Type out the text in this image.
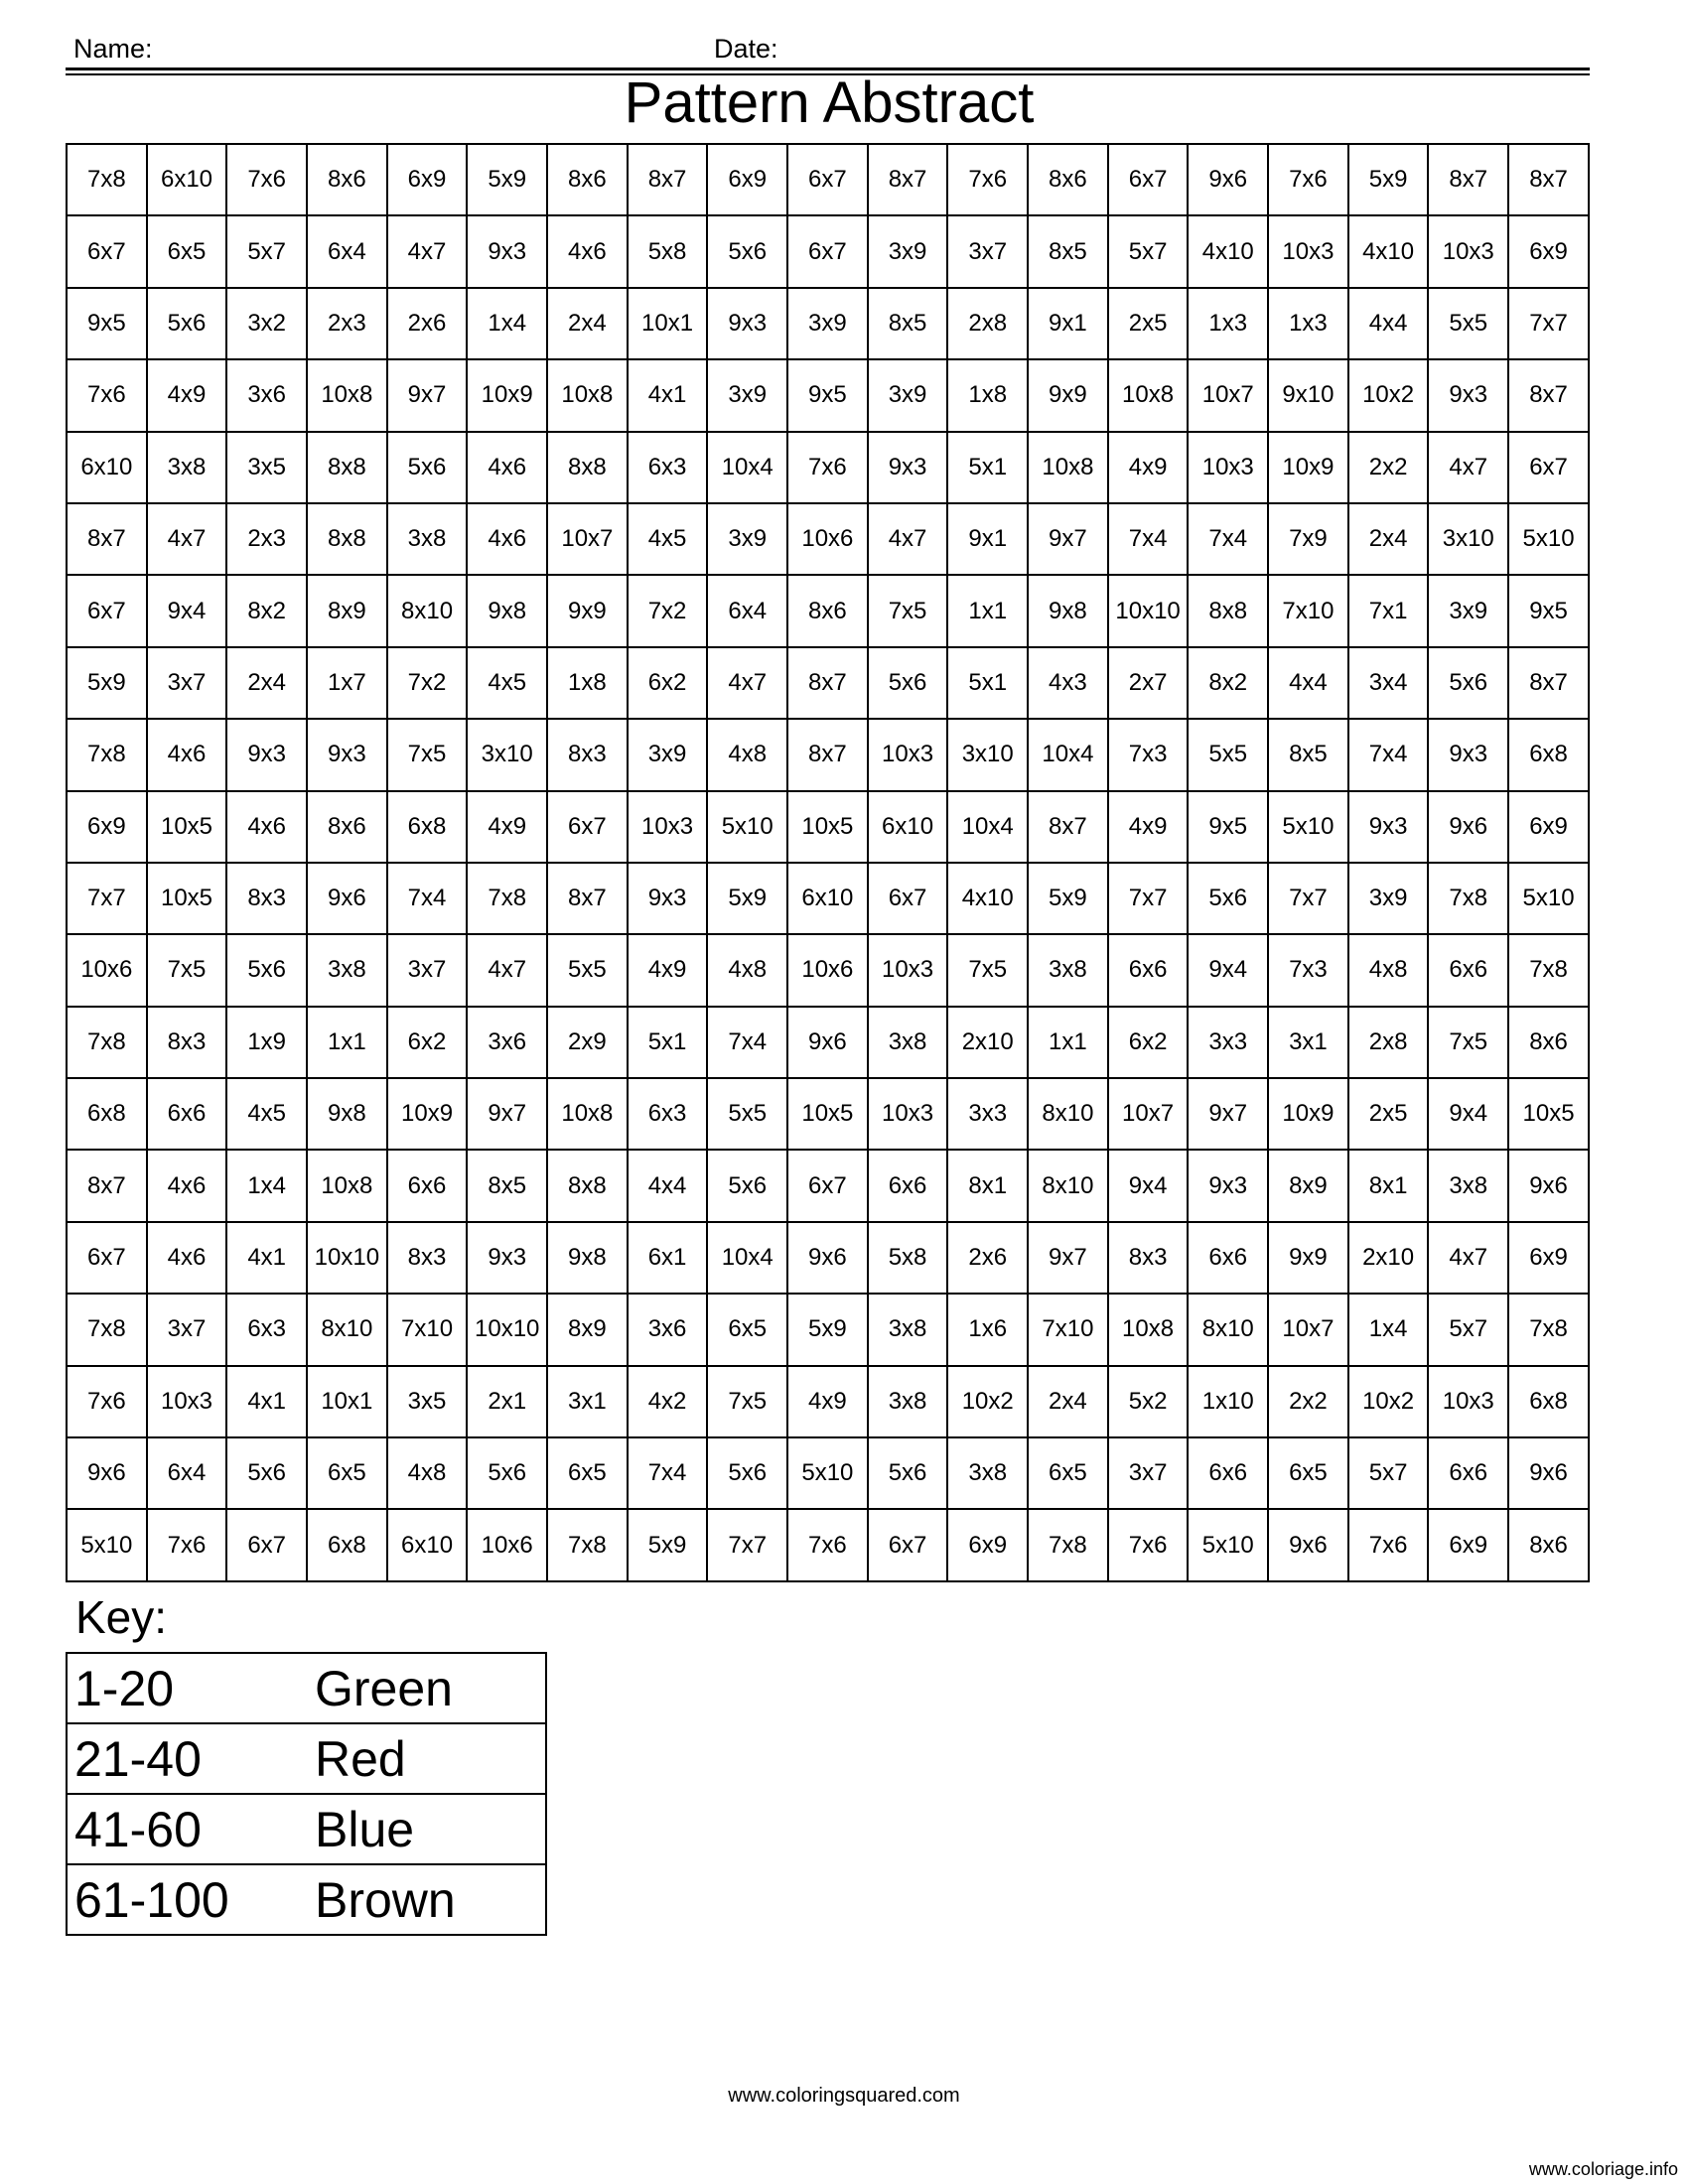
Name:	Date:
Pattern Abstract
7x8	6x10	7x6	8x6	6x9	5x9	8x6	8x7	6x9	6x7	8x7	7x6	8x6	6x7	9x6	7x6	5x9	8x7	8x7
6x7	6x5	5x7	6x4	4x7	9x3	4x6	5x8	5x6	6x7	3x9	3x7	8x5	5x7	4x10	10x3	4x10	10x3	6x9
9x5	5x6	3x2	2x3	2x6	1x4	2x4	10x1	9x3	3x9	8x5	2x8	9x1	2x5	1x3	1x3	4x4	5x5	7x7
7x6	4x9	3x6	10x8	9x7	10x9	10x8	4x1	3x9	9x5	3x9	1x8	9x9	10x8	10x7	9x10	10x2	9x3	8x7
6x10	3x8	3x5	8x8	5x6	4x6	8x8	6x3	10x4	7x6	9x3	5x1	10x8	4x9	10x3	10x9	2x2	4x7	6x7
8x7	4x7	2x3	8x8	3x8	4x6	10x7	4x5	3x9	10x6	4x7	9x1	9x7	7x4	7x4	7x9	2x4	3x10	5x10
6x7	9x4	8x2	8x9	8x10	9x8	9x9	7x2	6x4	8x6	7x5	1x1	9x8	10x10	8x8	7x10	7x1	3x9	9x5
5x9	3x7	2x4	1x7	7x2	4x5	1x8	6x2	4x7	8x7	5x6	5x1	4x3	2x7	8x2	4x4	3x4	5x6	8x7
7x8	4x6	9x3	9x3	7x5	3x10	8x3	3x9	4x8	8x7	10x3	3x10	10x4	7x3	5x5	8x5	7x4	9x3	6x8
6x9	10x5	4x6	8x6	6x8	4x9	6x7	10x3	5x10	10x5	6x10	10x4	8x7	4x9	9x5	5x10	9x3	9x6	6x9
7x7	10x5	8x3	9x6	7x4	7x8	8x7	9x3	5x9	6x10	6x7	4x10	5x9	7x7	5x6	7x7	3x9	7x8	5x10
10x6	7x5	5x6	3x8	3x7	4x7	5x5	4x9	4x8	10x6	10x3	7x5	3x8	6x6	9x4	7x3	4x8	6x6	7x8
7x8	8x3	1x9	1x1	6x2	3x6	2x9	5x1	7x4	9x6	3x8	2x10	1x1	6x2	3x3	3x1	2x8	7x5	8x6
6x8	6x6	4x5	9x8	10x9	9x7	10x8	6x3	5x5	10x5	10x3	3x3	8x10	10x7	9x7	10x9	2x5	9x4	10x5
8x7	4x6	1x4	10x8	6x6	8x5	8x8	4x4	5x6	6x7	6x6	8x1	8x10	9x4	9x3	8x9	8x1	3x8	9x6
6x7	4x6	4x1	10x10	8x3	9x3	9x8	6x1	10x4	9x6	5x8	2x6	9x7	8x3	6x6	9x9	2x10	4x7	6x9
7x8	3x7	6x3	8x10	7x10	10x10	8x9	3x6	6x5	5x9	3x8	1x6	7x10	10x8	8x10	10x7	1x4	5x7	7x8
7x6	10x3	4x1	10x1	3x5	2x1	3x1	4x2	7x5	4x9	3x8	10x2	2x4	5x2	1x10	2x2	10x2	10x3	6x8
9x6	6x4	5x6	6x5	4x8	5x6	6x5	7x4	5x6	5x10	5x6	3x8	6x5	3x7	6x6	6x5	5x7	6x6	9x6
5x10	7x6	6x7	6x8	6x10	10x6	7x8	5x9	7x7	7x6	6x7	6x9	7x8	7x6	5x10	9x6	7x6	6x9	8x6
Key:
1-20	Green
21-40	Red
41-60	Blue
61-100	Brown
www.coloringsquared.com
www.coloriage.info
